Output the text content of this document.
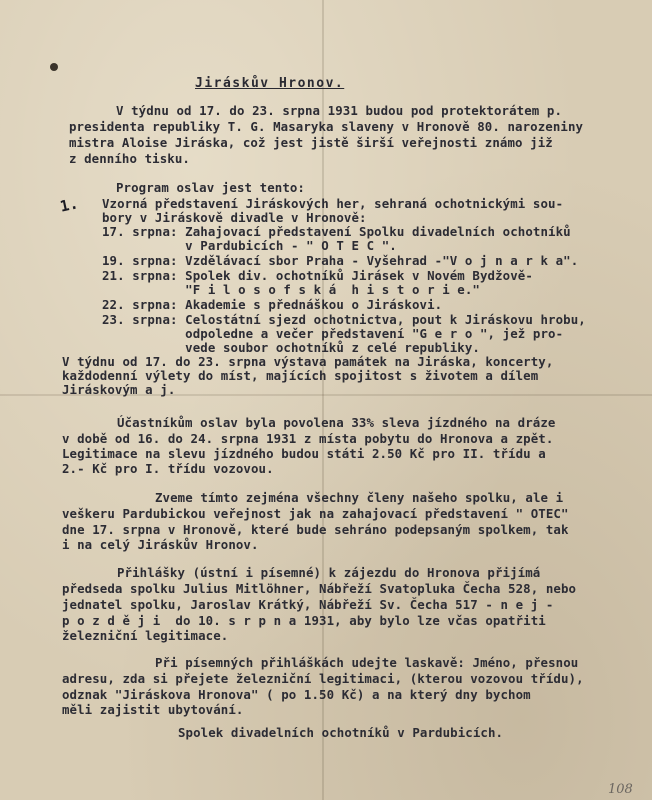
Jiráskův Hronov.
V týdnu od 17. do 23. srpna 1931 budou pod protektorátem p.
presidenta republiky T. G. Masaryka slaveny v Hronově 80. narozeniny
mistra Aloise Jiráska, což jest jistě širší veřejnosti známo již
z denního tisku.
Program oslav jest tento:
1. Vzorná představení Jiráskových her, sehraná ochotnickými sou-
bory v Jiráskově divadle v Hronově:
17. srpna: Zahajovací představení Spolku divadelních ochotníků
v Pardubicích - " O T E C ".
19. srpna: Vzdělávací sbor Praha - Vyšehrad -"V o j n a r k a".
21. srpna: Spolek div. ochotníků Jirásek v Novém Bydžově-
"F i l o s o f s k á  h i s t o r i e."
22. srpna: Akademie s přednáškou o Jiráskovi.
23. srpna: Celostátní sjezd ochotnictva, pout k Jiráskovu hrobu,
odpoledne a večer představení "G e r o ", jež pro-
vede soubor ochotníků z celé republiky.
V týdnu od 17. do 23. srpna výstava památek na Jiráska, koncerty,
každodenní výlety do míst, majících spojitost s životem a dílem
Jiráskovým a j.
Účastníkům oslav byla povolena 33% sleva jízdného na dráze
v době od 16. do 24. srpna 1931 z místa pobytu do Hronova a zpět.
Legitimace na slevu jízdného budou státi 2.50 Kč pro II. třídu a
2.- Kč pro I. třídu vozovou.
Zveme tímto zejména všechny členy našeho spolku, ale i
veškeru Pardubickou veřejnost jak na zahajovací představení " OTEC"
dne 17. srpna v Hronově, které bude sehráno podepsaným spolkem, tak
i na celý Jiráskův Hronov.
Přihlášky (ústní i písemné) k zájezdu do Hronova přijímá
předseda spolku Julius Mitlöhner, Nábřeží Svatopluka Čecha 528, nebo
jednatel spolku, Jaroslav Krátký, Nábřeží Sv. Čecha 517 - n e j -
p o z d ě j i  do 10. s r p n a 1931, aby bylo lze včas opatřiti
železniční legitimace.
Při písemných přihláškách udejte laskavě: Jméno, přesnou
adresu, zda si přejete železniční legitimaci, (kterou vozovou třídu),
odznak "Jiráskova Hronova" ( po 1.50 Kč) a na který dny bychom
měli zajistit ubytování.
Spolek divadelních ochotníků v Pardubicích.
108
